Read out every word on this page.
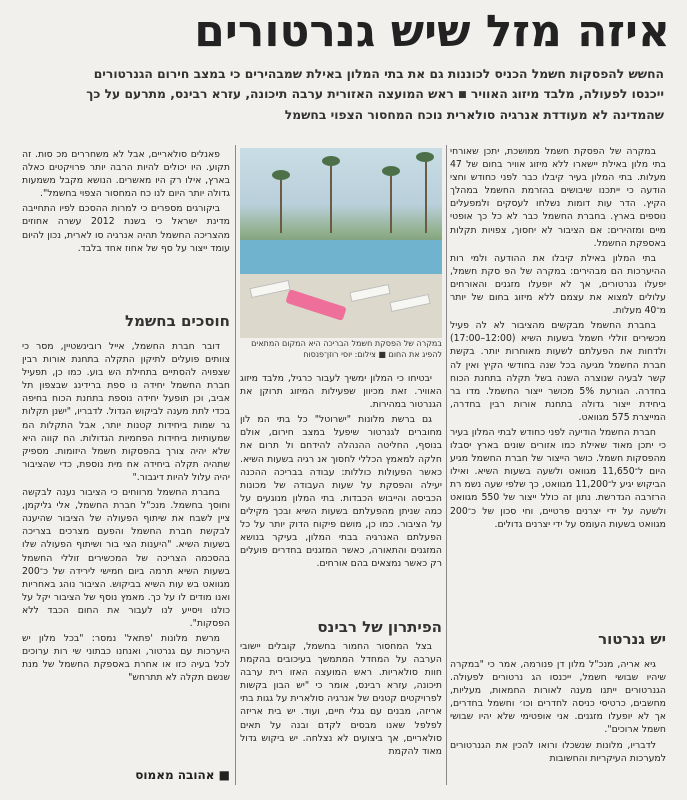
איזה מזל שיש גנרטורים
החשש להפסקות חשמל הכניס לכוננות גם את בתי המלון באילת שמבהירים כי במצב חירום הגנרטורים
ייכנסו לפעולה, מלבד מיזוג האוויר ■ ראש המועצה האזורית ערבה תיכונה, עזרא רבינס, מתרעם על כך
שהמדינה לא מעודדת אנרגיה סולארית נוכח המחסור הצפוי בחשמל

במקרה של הפסקת חשמל ממושכת, יתכן שאורחי בתי מלון באילת יישארו ללא מיזוג אוויר בחום של 47 מעלות. בתי המלון בעיר קיבלו כבר לפני כחודש וחצי הודעה כי ייתכנו שיבושים בהזרמת החשמל במהלך הקיץ. הדר עות דומות נשלחו לעסקים ולמפעלים נוספים בארץ. בחברת החשמל כבר לא כל כך אופטי מיים ומזהירים: אם הציבור לא יחסוך, צפויות תקלות באספקת החשמל.

בתי המלון באילת קיבלו את ההודעה ולמי רות ההיערכות הם מבהירים: במקרה של הפ סקת חשמל, יפעלו גנרטורים, אך לא יופעלו מזגנים והאורחים עלולים למצוא את עצמם ללא מיזוג בחום של יותר מ־40 מעלות.

בחברת החשמל מבקשים מהציבור לא לה פעיל מכשירים זוללי חשמל בשעות השיא (12:00–17:00) ולדחות את הפעלתם לשעות מאוחרות יותר. בקשת חברת החשמל מגיעה בכל שנה בחודשי הקיץ ואין לה קשר לבעיה שנוצרה השנה בשל תקלה בתחנת הכוח בחדרה. הגורעת 5% מכושר ייצור החשמל. מדו בר ביחידת ייצור גדולה בתחנת אורות רבין בחדרה, המייצרת 575 מגוואט.

חברת החשמל הודיעה לפני כחודש לבתי המלון בעיר כי יתכן מאוד שאילת כמו אזורים שונים בארץ יסבלו מהפסקות חשמל. כושר הייצור של חברת החשמל מגיע היום ל־11,650 מגוואט ולשעה בשעות השיא. ואילו הביקוש יגיע ל־11,200 מגוואט, כך שלפי שעה נשמ רת הרזרבה הנדרשת. נתון זה כולל ייצור של 550 מגוואט ולשעה על ידי יצרנים פרטיים, וחי סכון של כ־200 מגוואט בשעות העומס על ידי יצרנים גדולים.

יש גנרטור

גיא אריה, מנכ"ל מלון דן פנורמה, אמר כי "במקרה שיהיו שבושי חשמל, ייכנסו הג נרטורים לפעולה. הגנרטורים ייתנו מענה לאורות החמאות, מעליות, מחשבים, כרטיסי כניסה לחדרים וכו׳ וחשמל בחדרים, אך לא יופעלו מזגנים. אני אופטימי שלא יהיו שבושי חשמל ארוכים".

לדבריו, מלונות שנשכלו ורואו להכין את הגנרטורים למערכות העיקריות והחשובות

במקרה של הפסקת חשמל הבריכה היא המקום המתאים להפיג את החום ■ צילום: יוסי רוזן־פנסוח

יבטיחו כי המלון ימשיך לעבור כרגיל, מלבד מיזוג האוויר. זאת מכיוון שפעילות המיזוג תרוקן את הגנרטור במהירות.

גם ברשת מלונות "ישרוטל" כל בתי המ לון מחוברים לגנרטור שיפעל במצב חירום, אולם בנוסף, החליטה ההנהלה להידחם ול תרום את חלקה למאמץ הכללי לחסוך אנ רגיה בשעות השיא. כאשר הפעולות כוללות: עבודה בבריכה ההכנה יעילה והפסקת על שעות העבודה של מכונות הכביסה והייבוש הכבדות. בתי המלון מנוגעים על כמה שניתן מהפעלתם בשעות השיא ובכך מקילים על הציבור. כמו כן, מושם פיקוח הדוק יותר על כל הפעלתם האנרגיה בבתי המלון, בעיקר בנושא המזגנים והתאורה, כאשר המזגנים בחדרים פועלים רק כאשר נמצאים בהם אורחים.

הפיתרון של רבינס

בצל המחסור החמור בחשמל, קובלים יישובי הערבה על המחדל המתמשך בעיכובים בהקמת חוות סולאריות. ראש המועצה האזו רית ערבה תיכונה, עזרא רבינס, אומר כי "יש הבון בקשות לפרויקטים קטנים של אנרגיה סולארית על גגות בתי אריזה, מבנים עם גגלי חיים, ועוד. יש בית אריזה לפלפל שאנו מבסים לקדם ובנה על תאים סולאריים, אך ביצועים לא נצלחה. יש ביקוש גדול מאוד להקמת

פאנלים סולאריים, אבל לא משחררים מכ סות. זה תקוע. היו יכולים להיות הרבה יותר פרויקטים כאלה בארץ, אילו רק היו מאשרים. הנושא מקבל משמעות גדולה יותר היום לנו כח המחסור הצפוי בחשמל".

ביקורגים מספרים כי למרות ההסכם לפיו התחייבה מדינת ישראל כי בשנת 2012 עשרה אחוזים מהצריכה החשמל תהיה אנרגיה סו לארית, נכון להיום עומד ייצור על סף של אחוז אחד בלבד.

חוסכים בחשמל

דובר חברת החשמל, אייל רובינשטיין, מסר כי צוותים פועלים לתיקון התקלה בתחנת אורות רבין שצפויה להסתיים בתחילת הש בוע. כמו כן, תפעיל חברת החשמל יחידה נו ספת ברידינג שבצפון תל אביב, וכן תופעל יחידה נוספת בתחנת הכוח בחיפה בכדי לתת מענה לביקוש הגדול. לדבריו, "ישנן תקלות גר שמות ביחידות קטנות יותר, אבל התקלות המ שמעותיות ביחידות הפחמיות הגדולות. הח קווה היא שלא יהיה צורך בהפסקות חשמל היזומות. מספיק שתהיה תקלה ביחידה אח מית נוספת, כדי שהציבור יהיה עלול להיות דיגבור."

בחברת החשמל מרווחים כי הציבור נענה לבקשה וחוסך בחשמל. מנכ"ל חברת החשמל, אלי גליקמן, ציין לשבח את שיתוף הפעולה של הציבור שהיענה לבקשת חברת החשמל והפעם מצרכים בצריכה בשעות השיא. "היענות הצי בור ושיתוף הפעולה שלו בהסכמה הצריכה של המכשירים זוללי החשמל בשעות השיא תרמה ביום חמישי לירידה של כ־200 מגוואט בש עות השיא בביקוש. הציבור נוהג באחריות ואנו מודים לו על כך. מאמץ נוסף של הציבור יקל על כולנו ויסייע לנו לעבור את החום הכבד ללא הפסקות".

מרשת מלונות 'פתאל' נמסר: "בכל מלון יש היערכות עם גנרטור, ואנחנו כבתוני שי רות ערוכים לכל בעיה כזו או אחרת באספקת החשמל של מנת שנשם תקלה לא תתרחש"

■ אהובה מאמוס
